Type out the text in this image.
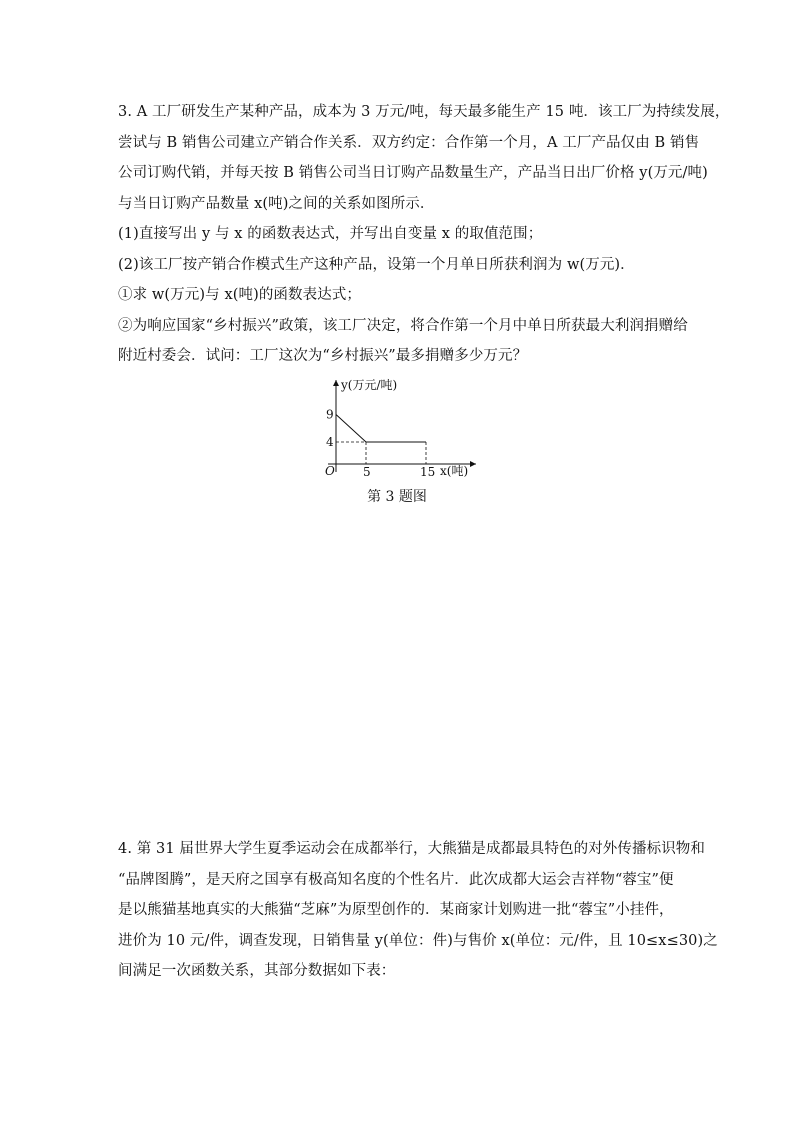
3. A 工厂研发生产某种产品，成本为 3 万元/吨，每天最多能生产 15 吨．该工厂为持续发展，
尝试与 B 销售公司建立产销合作关系．双方约定：合作第一个月，A 工厂产品仅由 B 销售
公司订购代销，并每天按 B 销售公司当日订购产品数量生产，产品当日出厂价格 y(万元/吨)
与当日订购产品数量 x(吨)之间的关系如图所示．
(1)直接写出 y 与 x 的函数表达式，并写出自变量 x 的取值范围；
(2)该工厂按产销合作模式生产这种产品，设第一个月单日所获利润为 w(万元)．
①求 w(万元)与 x(吨)的函数表达式；
②为响应国家“乡村振兴”政策，该工厂决定，将合作第一个月中单日所获最大利润捐赠给
附近村委会．试问：工厂这次为“乡村振兴”最多捐赠多少万元？
y(万元/吨)
x(吨)
O
4
9
5	15
第 3 题图
4. 第 31 届世界大学生夏季运动会在成都举行，大熊猫是成都最具特色的对外传播标识物和
“品牌图腾”，是天府之国享有极高知名度的个性名片．此次成都大运会吉祥物“蓉宝”便
是以熊猫基地真实的大熊猫“芝麻”为原型创作的．某商家计划购进一批“蓉宝”小挂件，
进价为 10 元/件，调查发现，日销售量 y(单位：件)与售价 x(单位：元/件，且 10≤x≤30)之
间满足一次函数关系，其部分数据如下表：
